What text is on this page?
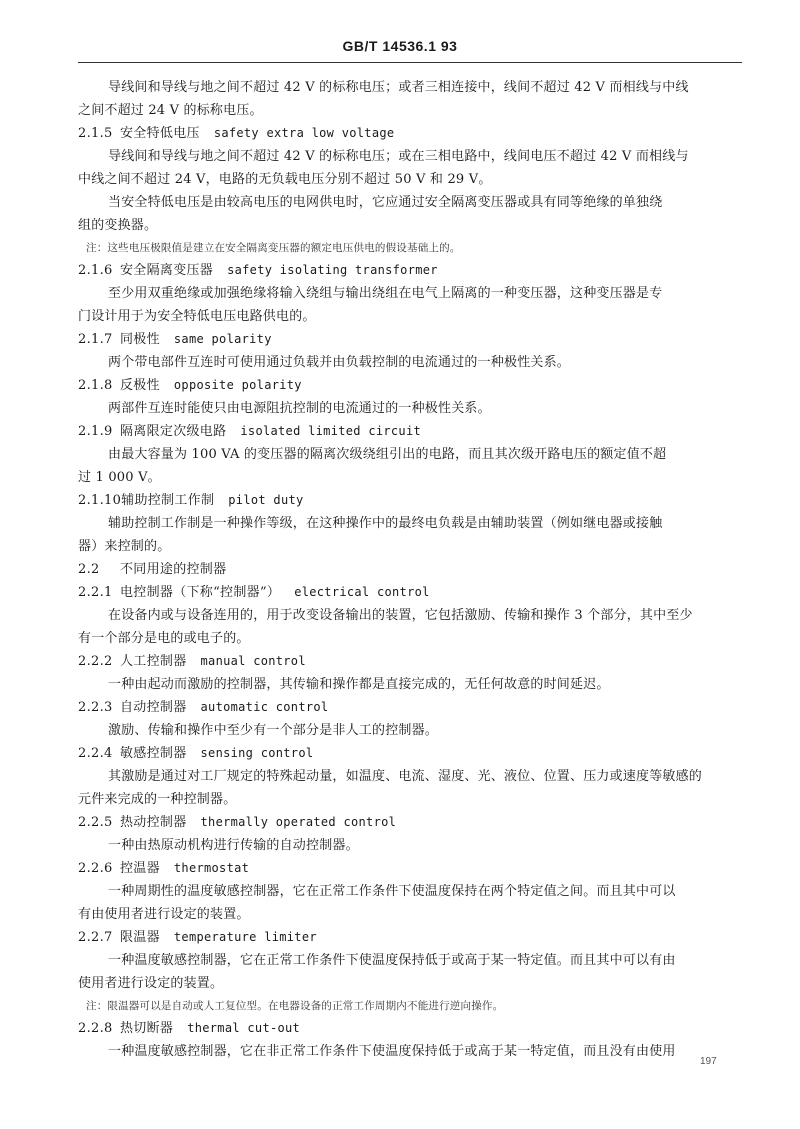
GB/T 14536.1 93
导线间和导线与地之间不超过 42 V 的标称电压；或者三相连接中，线间不超过 42 V 而相线与中线
之间不超过 24 V 的标称电压。
2.1.5 安全特低电压 safety extra low voltage
导线间和导线与地之间不超过 42 V 的标称电压；或在三相电路中，线间电压不超过 42 V 而相线与
中线之间不超过 24 V，电路的无负载电压分别不超过 50 V 和 29 V。
当安全特低电压是由较高电压的电网供电时，它应通过安全隔离变压器或具有同等绝缘的单独绕
组的变换器。
注：这些电压极限值是建立在安全隔离变压器的额定电压供电的假设基础上的。
2.1.6 安全隔离变压器 safety isolating transformer
至少用双重绝缘或加强绝缘将输入绕组与输出绕组在电气上隔离的一种变压器，这种变压器是专
门设计用于为安全特低电压电路供电的。
2.1.7 同极性 same polarity
两个带电部件互连时可使用通过负载并由负载控制的电流通过的一种极性关系。
2.1.8 反极性 opposite polarity
两部件互连时能使只由电源阻抗控制的电流通过的一种极性关系。
2.1.9 隔离限定次级电路 isolated limited circuit
由最大容量为 100 VA 的变压器的隔离次级绕组引出的电路，而且其次级开路电压的额定值不超
过 1 000 V。
2.1.10辅助控制工作制 pilot duty
辅助控制工作制是一种操作等级，在这种操作中的最终电负载是由辅助装置（例如继电器或接触
器）来控制的。
2.2 不同用途的控制器
2.2.1 电控制器（下称“控制器”） electrical control
在设备内或与设备连用的，用于改变设备输出的装置，它包括激励、传输和操作 3 个部分，其中至少
有一个部分是电的或电子的。
2.2.2 人工控制器 manual control
一种由起动而激励的控制器，其传输和操作都是直接完成的，无任何故意的时间延迟。
2.2.3 自动控制器 automatic control
激励、传输和操作中至少有一个部分是非人工的控制器。
2.2.4 敏感控制器 sensing control
其激励是通过对工厂规定的特殊起动量，如温度、电流、湿度、光、液位、位置、压力或速度等敏感的
元件来完成的一种控制器。
2.2.5 热动控制器 thermally operated control
一种由热原动机构进行传输的自动控制器。
2.2.6 控温器 thermostat
一种周期性的温度敏感控制器，它在正常工作条件下使温度保持在两个特定值之间。而且其中可以
有由使用者进行设定的装置。
2.2.7 限温器 temperature limiter
一种温度敏感控制器，它在正常工作条件下使温度保持低于或高于某一特定值。而且其中可以有由
使用者进行设定的装置。
注：限温器可以是自动或人工复位型。在电器设备的正常工作周期内不能进行逆向操作。
2.2.8 热切断器 thermal cut-out
一种温度敏感控制器，它在非正常工作条件下使温度保持低于或高于某一特定值，而且没有由使用
197
